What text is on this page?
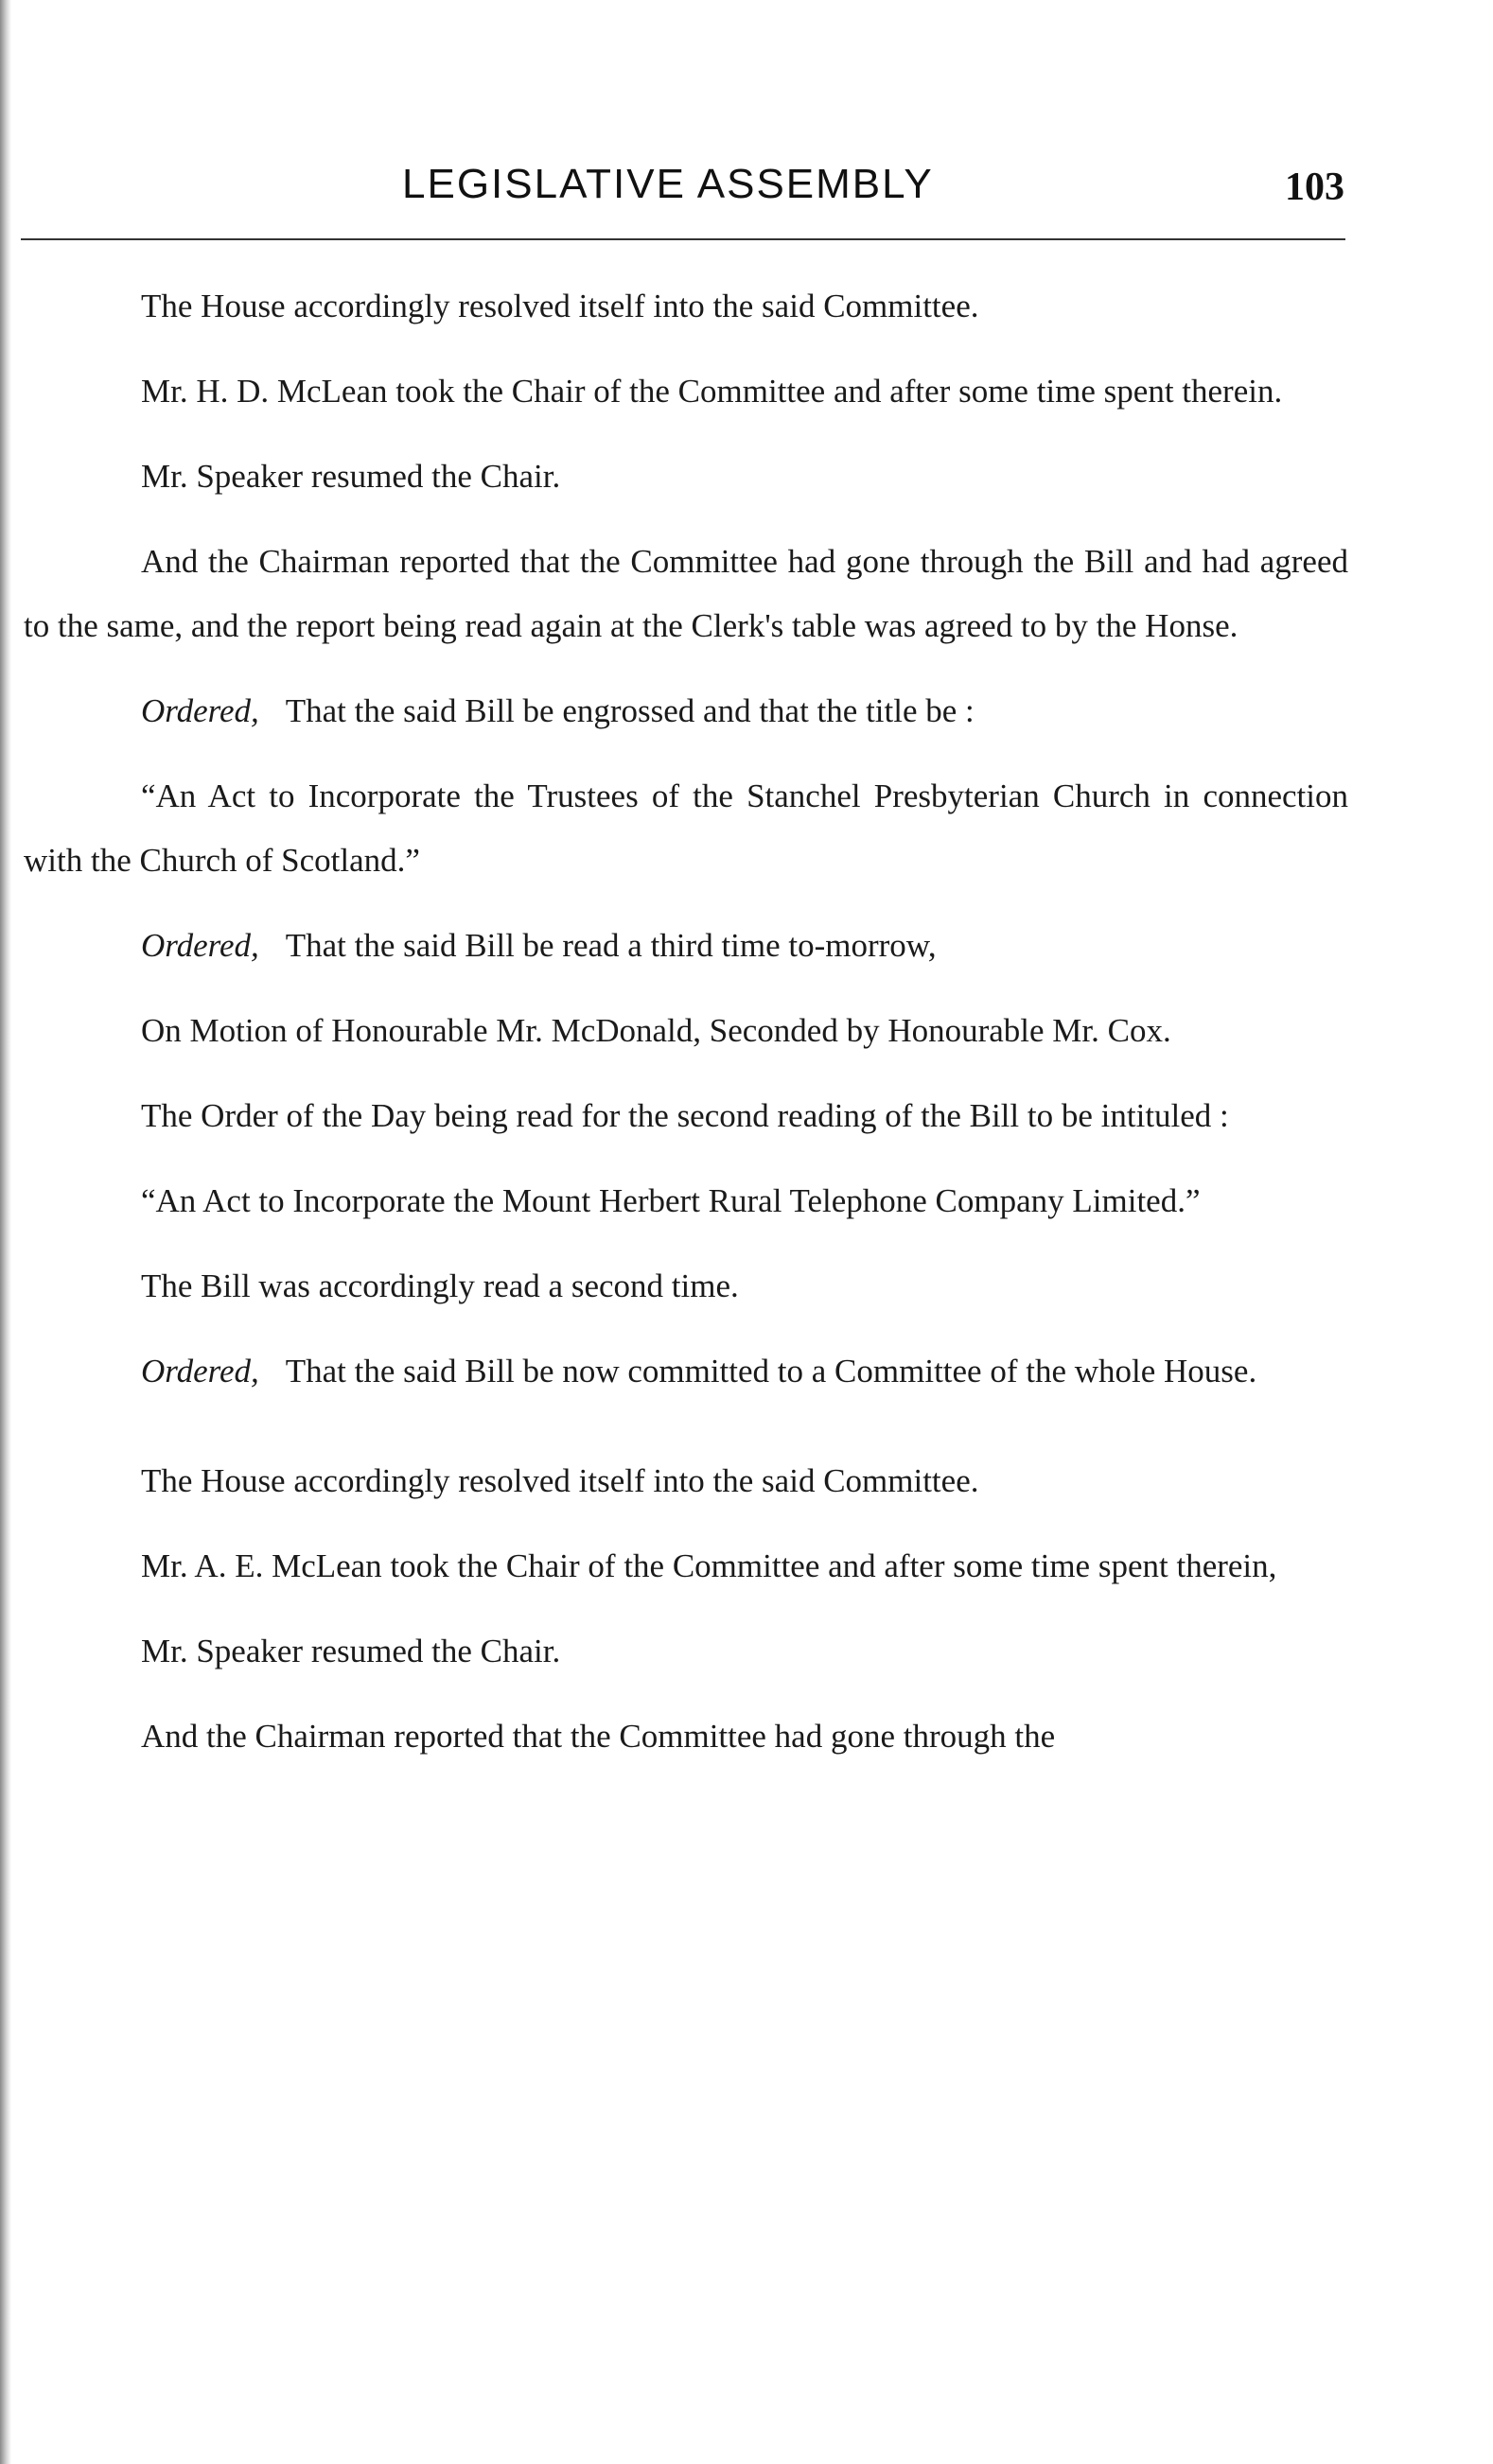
LEGISLATIVE ASSEMBLY	103

The House accordingly resolved itself into the said Committee.

Mr. H. D. McLean took the Chair of the Committee and after some time spent therein.

Mr. Speaker resumed the Chair.

And the Chairman reported that the Committee had gone through the Bill and had agreed to the same, and the report being read again at the Clerk's table was agreed to by the Honse.

Ordered, That the said Bill be engrossed and that the title be :

“An Act to Incorporate the Trustees of the Stanchel Presbyterian Church in connection with the Church of Scotland.”

Ordered, That the said Bill be read a third time to-morrow,

On Motion of Honourable Mr. McDonald, Seconded by Honourable Mr. Cox.

The Order of the Day being read for the second reading of the Bill to be intituled :

“An Act to Incorporate the Mount Herbert Rural Telephone Company Limited.”

The Bill was accordingly read a second time.

Ordered, That the said Bill be now committed to a Committee of the whole House.

The House accordingly resolved itself into the said Committee.

Mr. A. E. McLean took the Chair of the Committee and after some time spent therein,

Mr. Speaker resumed the Chair.

And the Chairman reported that the Committee had gone through the
